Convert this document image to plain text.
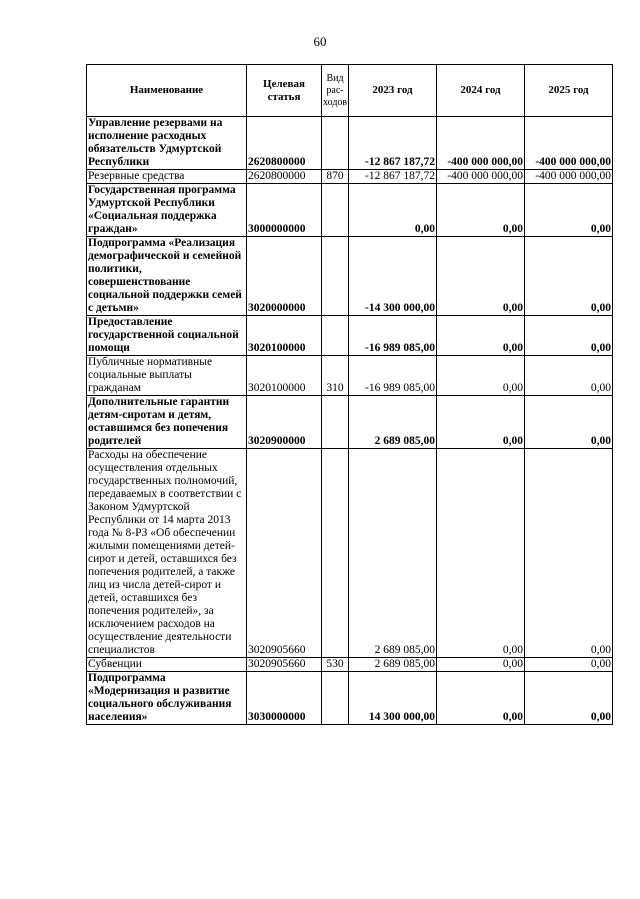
60
Наименование	Целевая статья	Вид рас- ходов	2023 год	2024 год	2025 год
Управление резервами на исполнение расходных обязательств Удмуртской Республики	2620800000		-12 867 187,72	-400 000 000,00	-400 000 000,00
Резервные средства	2620800000	870	-12 867 187,72	-400 000 000,00	-400 000 000,00
Государственная программа Удмуртской Республики «Социальная поддержка граждан»	3000000000		0,00	0,00	0,00
Подпрограмма «Реализация демографической и семейной политики, совершенствование социальной поддержки семей с детьми»	3020000000		-14 300 000,00	0,00	0,00
Предоставление государственной социальной помощи	3020100000		-16 989 085,00	0,00	0,00
Публичные нормативные социальные выплаты гражданам	3020100000	310	-16 989 085,00	0,00	0,00
Дополнительные гарантии детям-сиротам и детям, оставшимся без попечения родителей	3020900000		2 689 085,00	0,00	0,00
Расходы на обеспечение осуществления отдельных государственных полномочий, передаваемых в соответствии с Законом Удмуртской Республики от 14 марта 2013 года № 8-РЗ «Об обеспечении жилыми помещениями детей-сирот и детей, оставшихся без попечения родителей, а также лиц из числа детей-сирот и детей, оставшихся без попечения родителей», за исключением расходов на осуществление деятельности специалистов	3020905660		2 689 085,00	0,00	0,00
Субвенции	3020905660	530	2 689 085,00	0,00	0,00
Подпрограмма «Модернизация и развитие социального обслуживания населения»	3030000000		14 300 000,00	0,00	0,00
